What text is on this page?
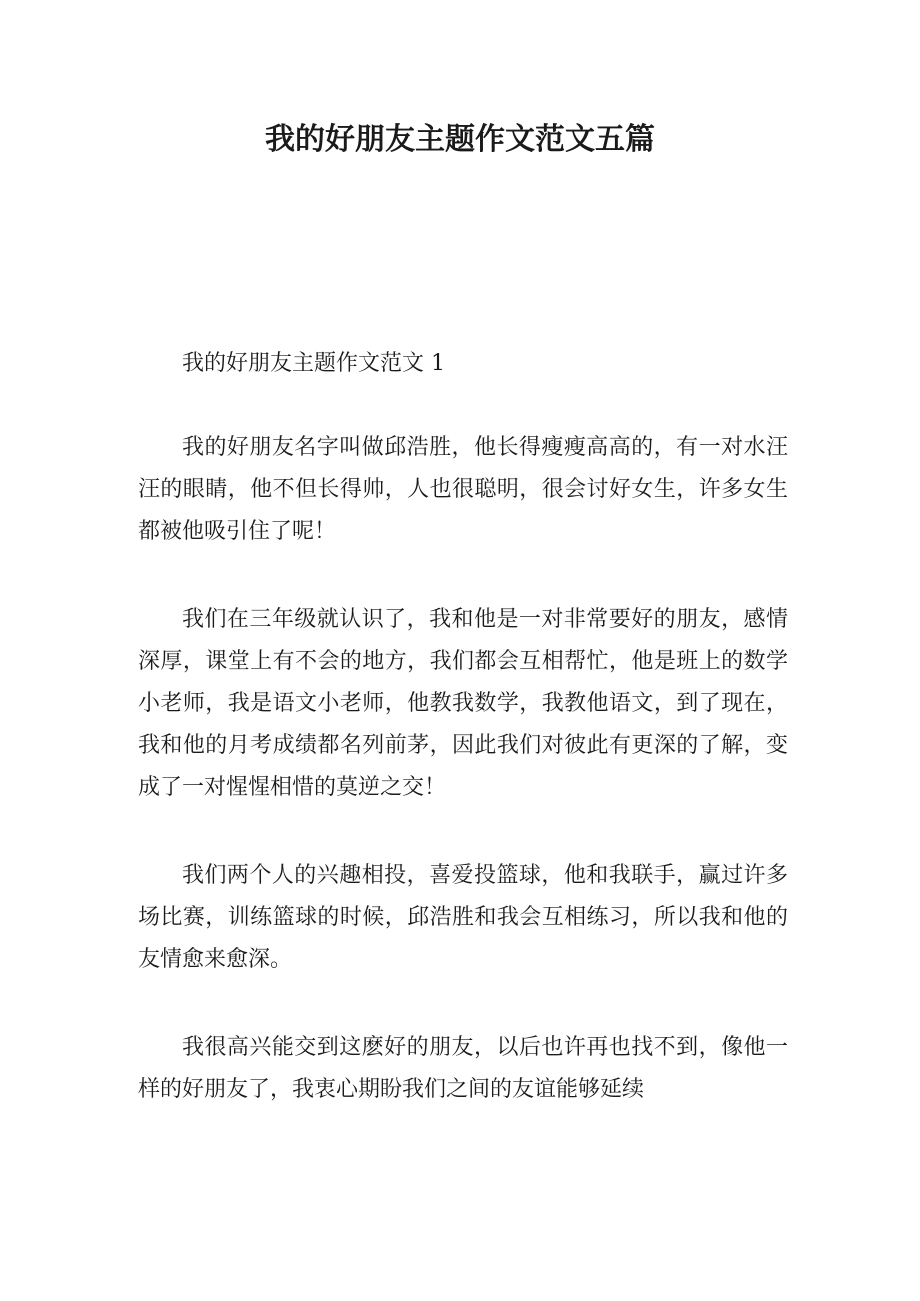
我的好朋友主题作文范文五篇

我的好朋友主题作文范文 1

我的好朋友名字叫做邱浩胜，他长得瘦瘦高高的，有一对水汪汪的眼睛，他不但长得帅，人也很聪明，很会讨好女生，许多女生都被他吸引住了呢！

我们在三年级就认识了，我和他是一对非常要好的朋友，感情深厚，课堂上有不会的地方，我们都会互相帮忙，他是班上的数学小老师，我是语文小老师，他教我数学，我教他语文，到了现在，我和他的月考成绩都名列前茅，因此我们对彼此有更深的了解，变成了一对惺惺相惜的莫逆之交！

我们两个人的兴趣相投，喜爱投篮球，他和我联手，赢过许多场比赛，训练篮球的时候，邱浩胜和我会互相练习，所以我和他的友情愈来愈深。

我很高兴能交到这麽好的朋友，以后也许再也找不到，像他一样的好朋友了，我衷心期盼我们之间的友谊能够延续
